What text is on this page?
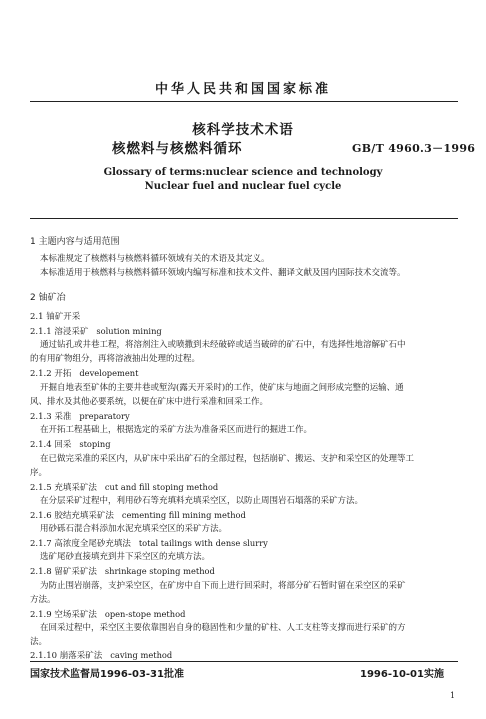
中华人民共和国国家标准
核科学技术术语
核燃料与核燃料循环	GB/T 4960.3－1996
Glossary of terms:nuclear science and technology
Nuclear fuel and nuclear fuel cycle
1 主题内容与适用范围
本标准规定了核燃料与核燃料循环领域有关的术语及其定义。
本标准适用于核燃料与核燃料循环领域内编写标准和技术文件、翻译文献及国内国际技术交流等。
2 铀矿冶
2.1 铀矿开采
2.1.1 溶浸采矿 solution mining
通过钻孔或井巷工程，将溶剂注入或喷撒到未经破碎或适当破碎的矿石中，有选择性地溶解矿石中
的有用矿物组分，再将溶液抽出处理的过程。
2.1.2 开拓 developement
开掘自地表至矿体的主要井巷或堑沟(露天开采时)的工作，使矿床与地面之间形成完整的运输、通
风、排水及其他必要系统，以便在矿床中进行采准和回采工作。
2.1.3 采准 preparatory
在开拓工程基础上，根据选定的采矿方法为准备采区而进行的掘进工作。
2.1.4 回采 stoping
在已做完采准的采区内，从矿床中采出矿石的全部过程，包括崩矿、搬运、支护和采空区的处理等工
序。
2.1.5 充填采矿法 cut and fill stoping method
在分层采矿过程中，利用砂石等充填料充填采空区，以防止周围岩石塌落的采矿方法。
2.1.6 胶结充填采矿法 cementing fill mining method
用砂砾石混合料添加水泥充填采空区的采矿方法。
2.1.7 高浓度全尾砂充填法 total tailings with dense slurry
选矿尾砂直接填充到井下采空区的充填方法。
2.1.8 留矿采矿法 shrinkage stoping method
为防止围岩崩落，支护采空区，在矿房中自下而上进行回采时，将部分矿石暂时留在采空区的采矿
方法。
2.1.9 空场采矿法 open-stope method
在回采过程中，采空区主要依靠围岩自身的稳固性和少量的矿柱、人工支柱等支撑而进行采矿的方
法。
2.1.10 崩落采矿法 caving method
国家技术监督局1996-03-31批准	1996-10-01实施
1
